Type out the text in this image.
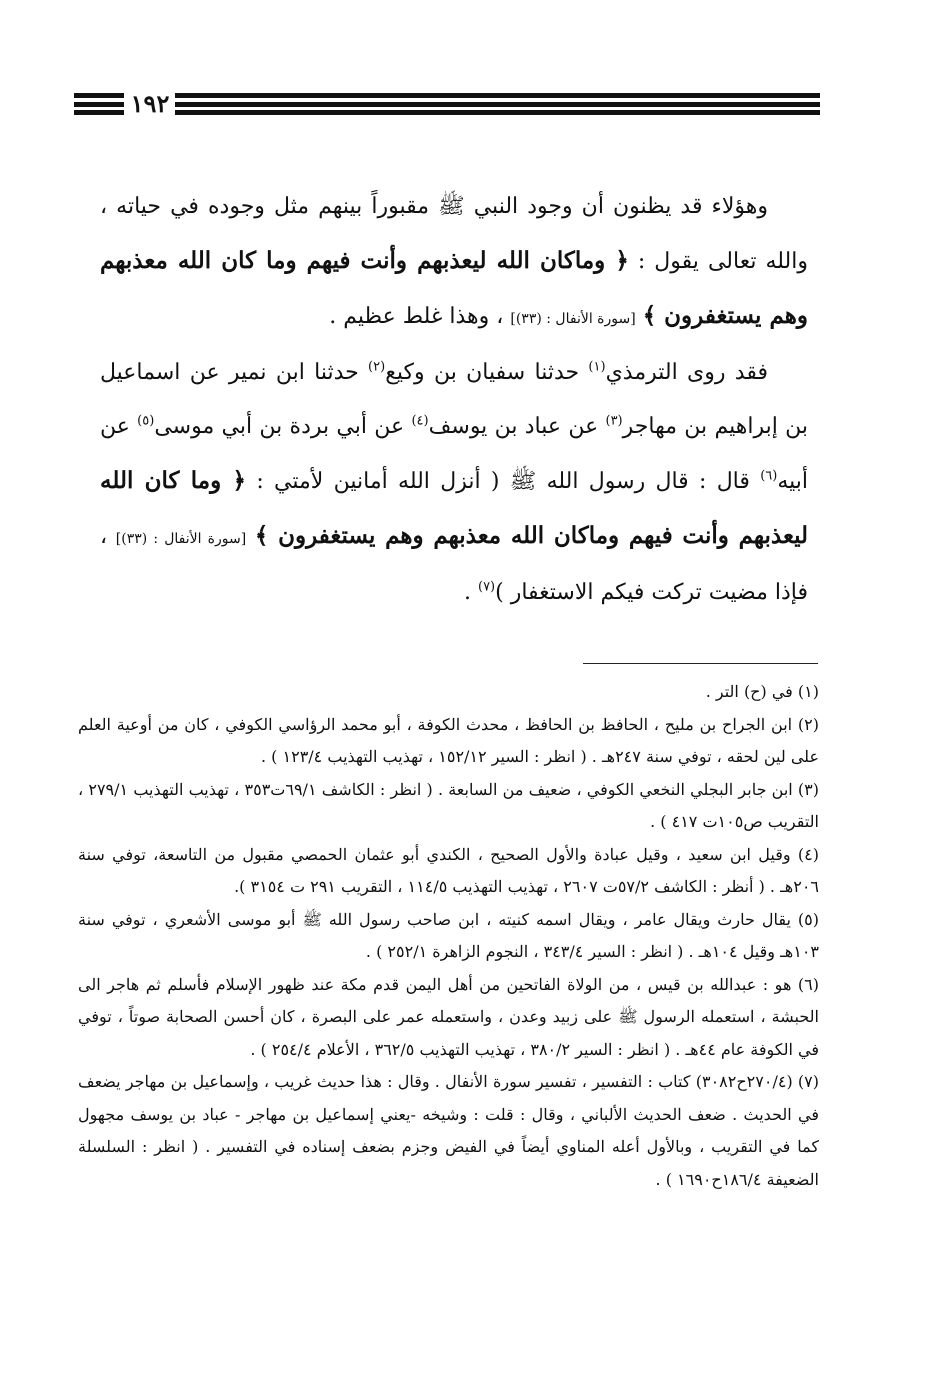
١٩٢

وهؤلاء قد يظنون أن وجود النبي ﷺ مقبوراً بينهم مثل وجوده في حياته ، والله تعالى يقول : ﴿ وماكان الله ليعذبهم وأنت فيهم وما كان الله معذبهم وهم يستغفرون ﴾ [سورة الأنفال : (٣٣)] ، وهذا غلط عظيم .

فقد روى الترمذي$^{(١)}$ حدثنا سفيان بن وكيع$^{(٢)}$ حدثنا ابن نمير عن اسماعيل بن إبراهيم بن مهاجر$^{(٣)}$ عن عباد بن يوسف$^{(٤)}$ عن أبي بردة بن أبي موسى$^{(٥)}$ عن أبيه$^{(٦)}$ قال : قال رسول الله ﷺ ( أنزل الله أمانين لأمتي : ﴿ وما كان الله ليعذبهم وأنت فيهم وماكان الله معذبهم وهم يستغفرون ﴾ [سورة الأنفال : (٣٣)] ، فإذا مضيت تركت فيكم الاستغفار )$^{(٧)}$ .

(١) في (ح) التر .

(٢) ابن الجراح بن مليح ، الحافظ بن الحافظ ، محدث الكوفة ، أبو محمد الرؤاسي الكوفي ، كان من أوعية العلم على لين لحقه ، توفي سنة ٢٤٧هـ . ( انظر : السير ١٥٢/١٢ ، تهذيب التهذيب ١٢٣/٤ ) .

(٣) ابن جابر البجلي النخعي الكوفي ، ضعيف من السابعة . ( انظر : الكاشف ٦٩/١ت٣٥٣ ، تهذيب التهذيب ٢٧٩/١ ، التقريب ص١٠٥ت ٤١٧ ) .

(٤) وقيل ابن سعيد ، وقيل عبادة والأول الصحيح ، الكندي أبو عثمان الحمصي مقبول من التاسعة، توفي سنة ٢٠٦هـ . ( أنظر : الكاشف ٥٧/٢ت ٢٦٠٧ ، تهذيب التهذيب ١١٤/٥ ، التقريب ٢٩١ ت ٣١٥٤ ).

(٥) يقال حارث ويقال عامر ، ويقال اسمه كنيته ، ابن صاحب رسول الله ﷺ أبو موسى الأشعري ، توفي سنة ١٠٣هـ وقيل ١٠٤هـ . ( انظر : السير ٣٤٣/٤ ، النجوم الزاهرة ٢٥٢/١ ) .

(٦) هو : عبدالله بن قيس ، من الولاة الفاتحين من أهل اليمن قدم مكة عند ظهور الإسلام فأسلم ثم هاجر الى الحبشة ، استعمله الرسول ﷺ على زبيد وعدن ، واستعمله عمر على البصرة ، كان أحسن الصحابة صوتاً ، توفي في الكوفة عام ٤٤هـ . ( انظر : السير ٣٨٠/٢ ، تهذيب التهذيب ٣٦٢/٥ ، الأعلام ٢٥٤/٤ ) .

(٧) (٢٧٠/٤ح٣٠٨٢) كتاب : التفسير ، تفسير سورة الأنفال . وقال : هذا حديث غريب ، وإسماعيل بن مهاجر يضعف في الحديث . ضعف الحديث الألباني ، وقال : قلت : وشيخه -يعني إسماعيل بن مهاجر - عباد بن يوسف مجهول كما في التقريب ، وبالأول أعله المناوي أيضاً في الفيض وجزم بضعف إسناده في التفسير . ( انظر : السلسلة الضعيفة ١٨٦/٤ح١٦٩٠ ) .
